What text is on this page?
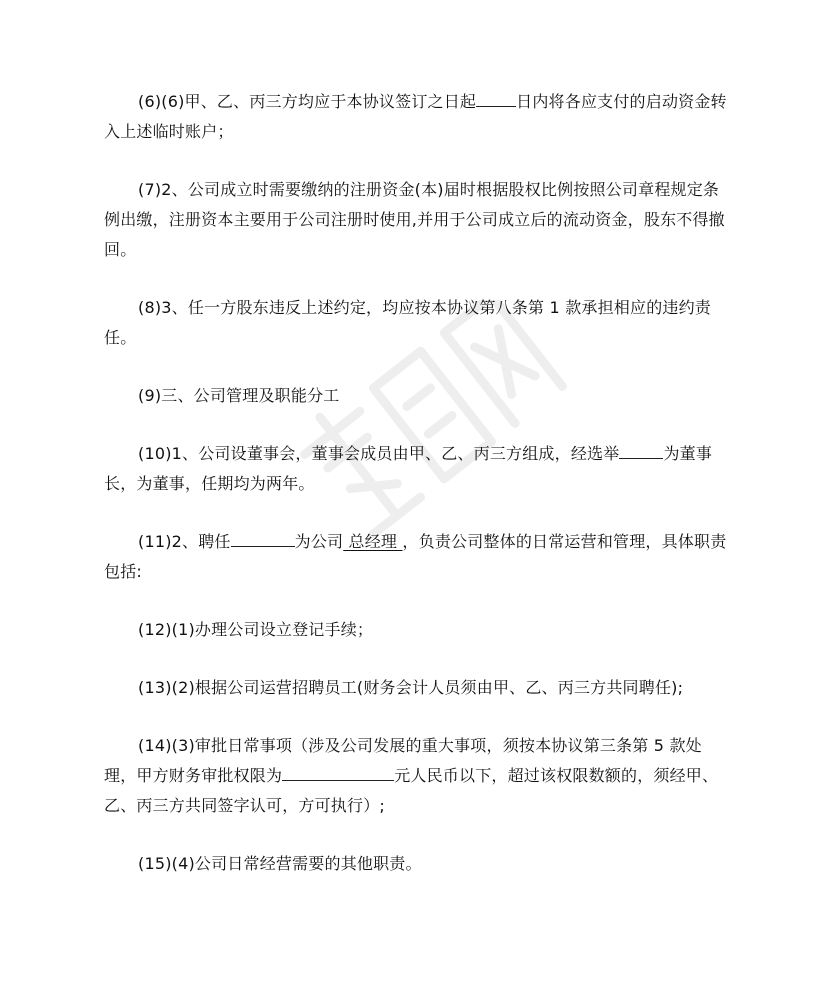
(6)(6)甲、乙、丙三方均应于本协议签订之日起	日内将各应支付的启动资金转入上述临时账户；

(7)2、公司成立时需要缴纳的注册资金(本)届时根据股权比例按照公司章程规定条例出缴，注册资本主要用于公司注册时使用,并用于公司成立后的流动资金，股东不得撤回。

(8)3、任一方股东违反上述约定，均应按本协议第八条第 1 款承担相应的违约责任。

(9)三、公司管理及职能分工

(10)1、公司设董事会，董事会成员由甲、乙、丙三方组成，经选举	为董事长，为董事，任期均为两年。

(11)2、聘任	为公司 总经理 ，负责公司整体的日常运营和管理，具体职责包括:

(12)(1)办理公司设立登记手续；

(13)(2)根据公司运营招聘员工(财务会计人员须由甲、乙、丙三方共同聘任);

(14)(3)审批日常事项（涉及公司发展的重大事项，须按本协议第三条第 5 款处理，甲方财务审批权限为	元人民币以下，超过该权限数额的，须经甲、乙、丙三方共同签字认可，方可执行）;

(15)(4)公司日常经营需要的其他职责。
